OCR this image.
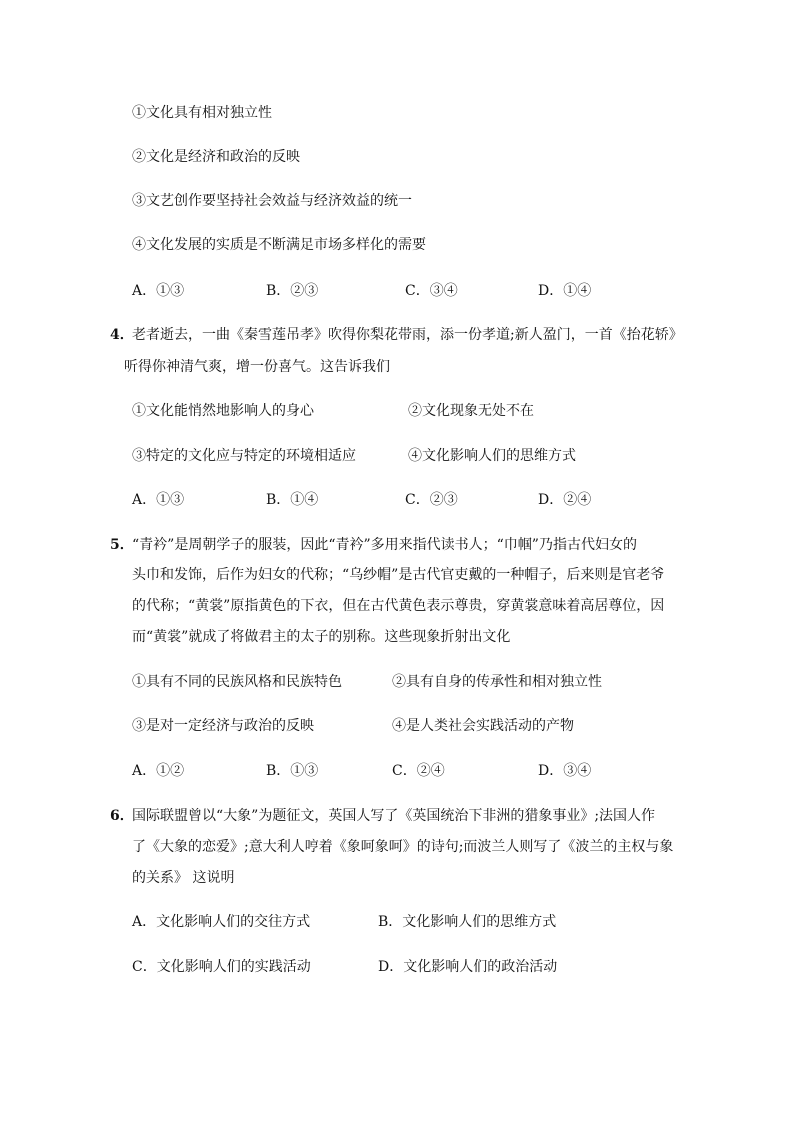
①文化具有相对独立性
②文化是经济和政治的反映
③文艺创作要坚持社会效益与经济效益的统一
④文化发展的实质是不断满足市场多样化的需要
A．①③	B．②③	C．③④	D．①④
4．
老者逝去，一曲《秦雪莲吊孝》吹得你梨花带雨，添一份孝道;新人盈门，一首《抬花轿》
听得你神清气爽，增一份喜气。这告诉我们
①文化能悄然地影响人的身心	②文化现象无处不在
③特定的文化应与特定的环境相适应	④文化影响人们的思维方式
A．①③	B．①④	C．②③	D．②④
5．
“青衿”是周朝学子的服装，因此“青衿”多用来指代读书人；“巾帼”乃指古代妇女的
头巾和发饰，后作为妇女的代称；“乌纱帽”是古代官吏戴的一种帽子，后来则是官老爷
的代称；“黄裳”原指黄色的下衣，但在古代黄色表示尊贵，穿黄裳意味着高居尊位，因
而“黄裳”就成了将做君主的太子的别称。这些现象折射出文化
①具有不同的民族风格和民族特色	②具有自身的传承性和相对独立性
③是对一定经济与政治的反映	④是人类社会实践活动的产物
A．①②	B．①③	C．②④	D．③④
6．
国际联盟曾以“大象”为题征文，英国人写了《英国统治下非洲的猎象事业》;法国人作
了《大象的恋爱》;意大利人哼着《象呵象呵》的诗句;而波兰人则写了《波兰的主权与象
的关系》 这说明
A．文化影响人们的交往方式	B．文化影响人们的思维方式
C．文化影响人们的实践活动	D．文化影响人们的政治活动
